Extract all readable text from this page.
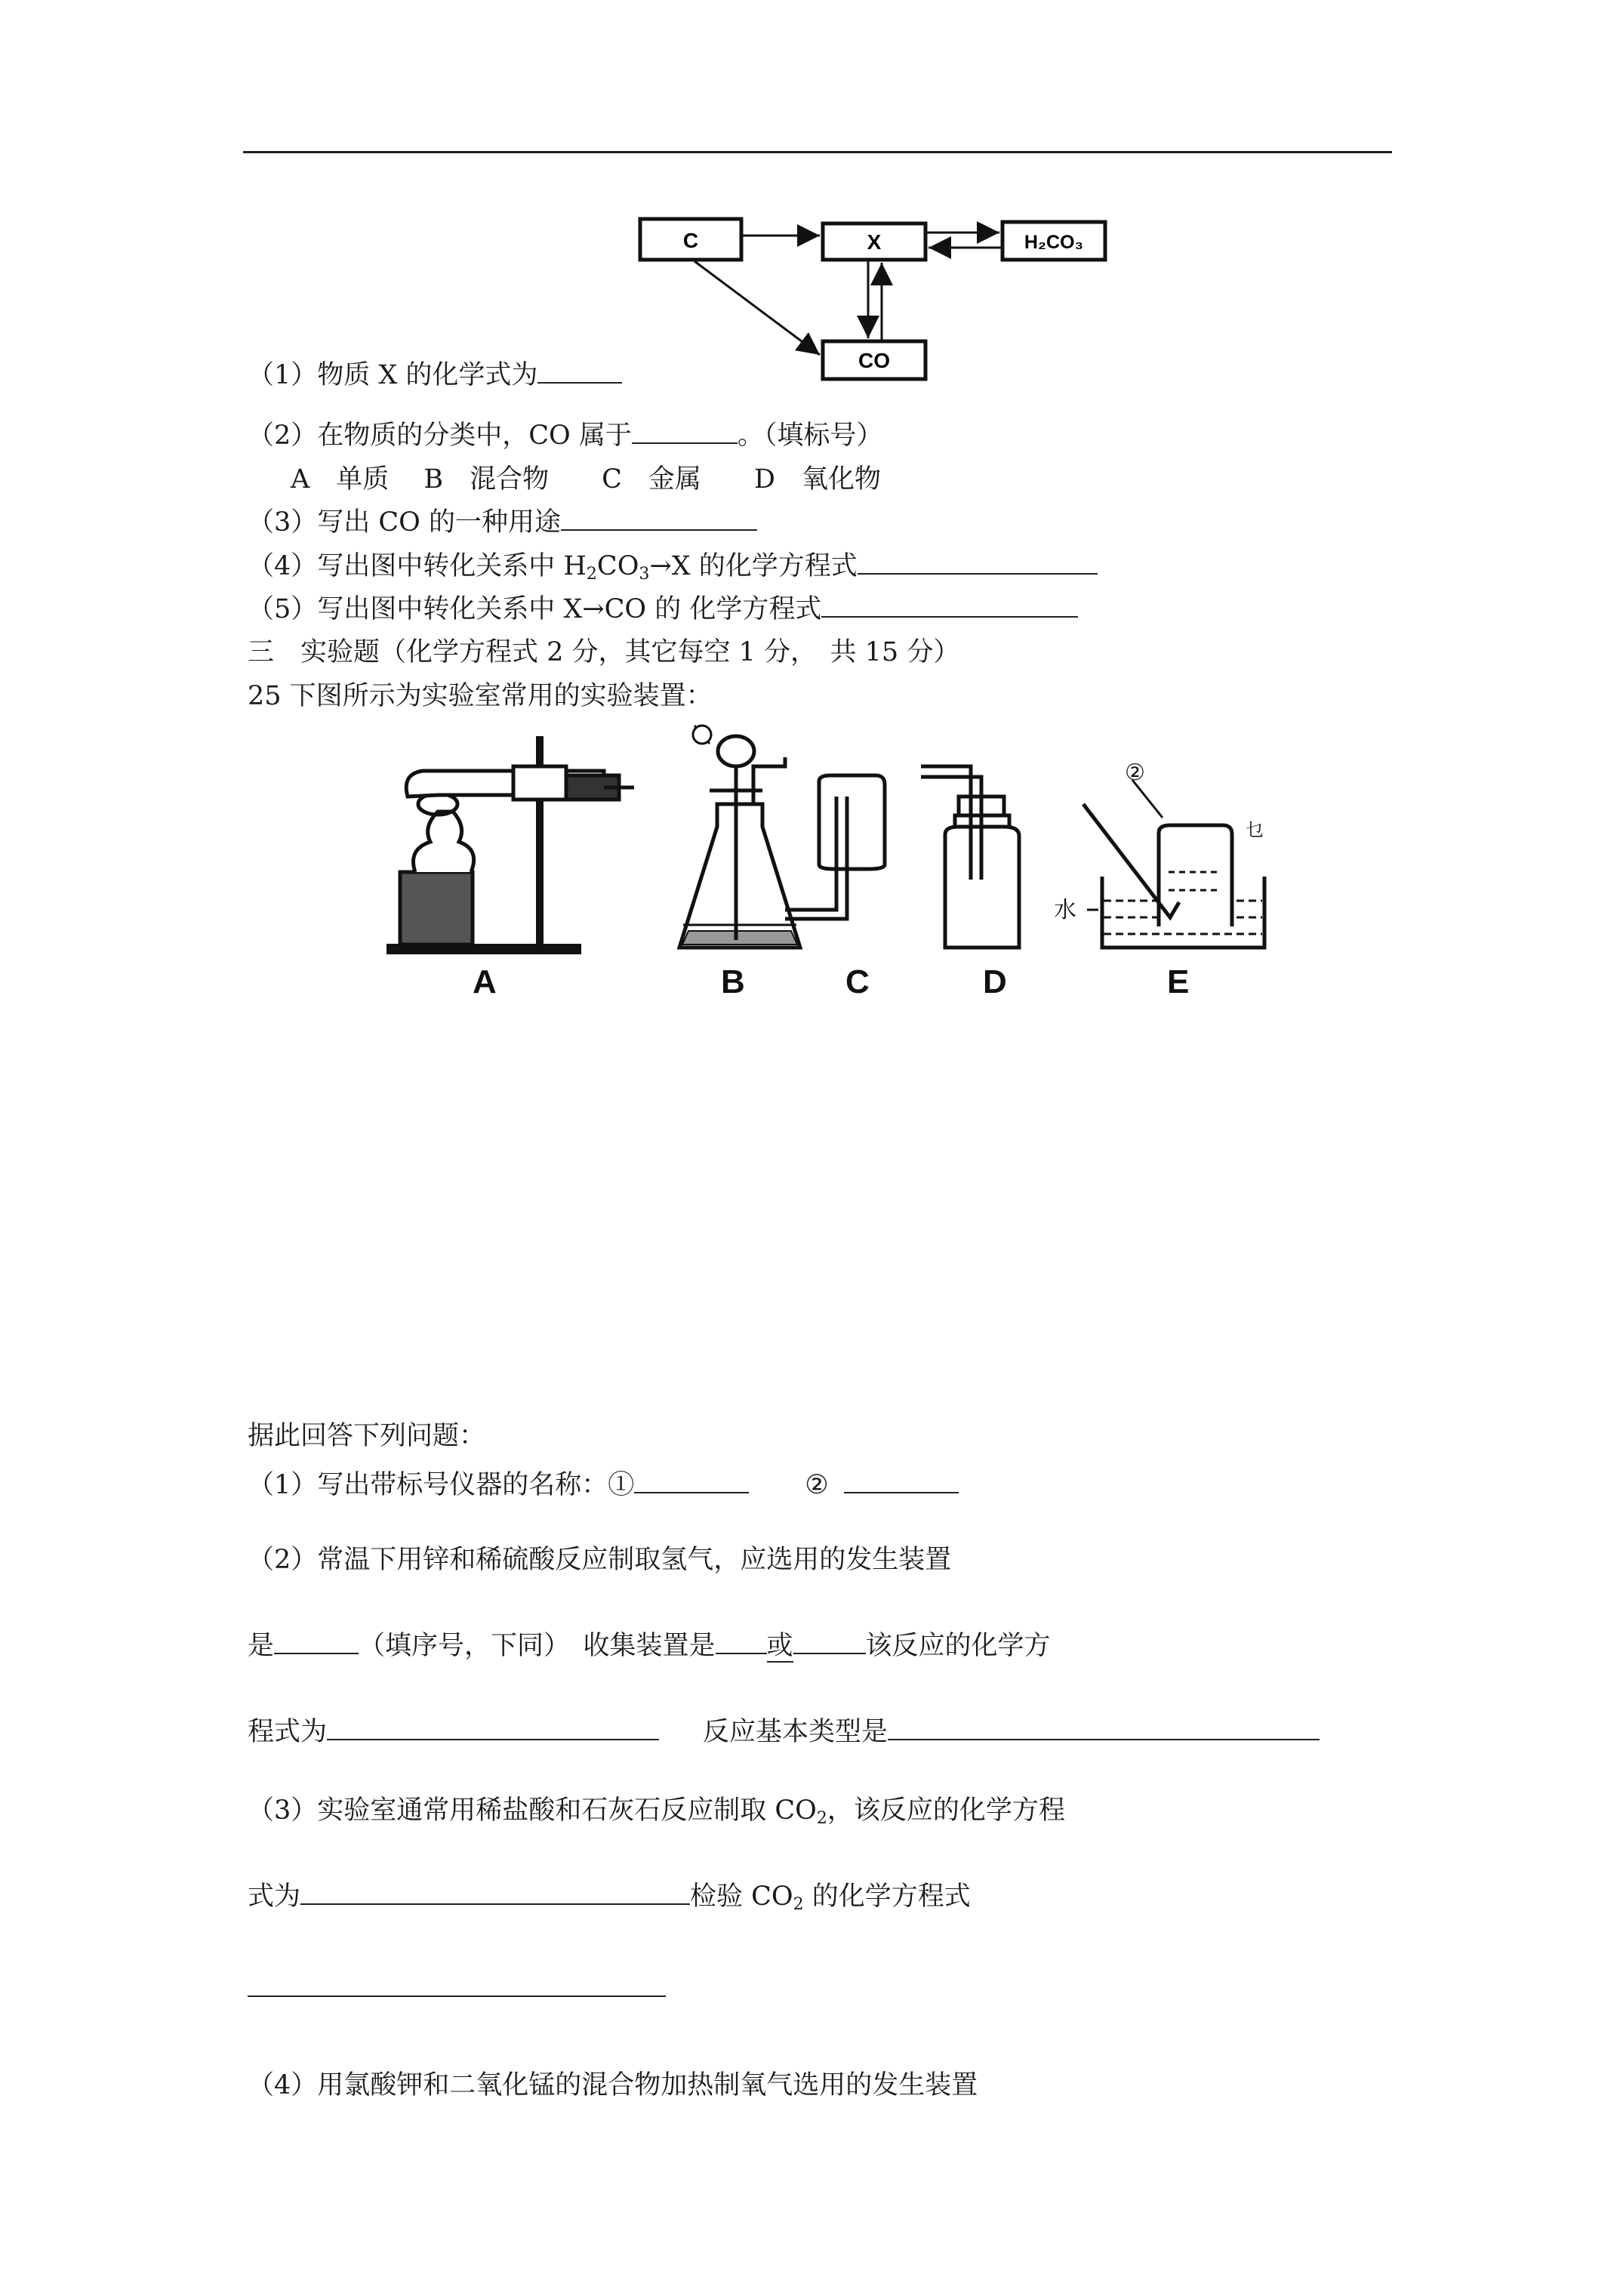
C	X	H₂CO₃
CO
（1）物质 X 的化学式为
（2）在物质的分类中，CO 属于	。（填标号）
A　单质　 B　混合物　　C　金属　　D　氧化物
（3）写出 CO 的一种用途
（4）写出图中转化关系中 $H_2CO_3\to X$ 的化学方程式
（5）写出图中转化关系中 X→CO 的 化学方程式
三　实验题（化学方程式 2 分，其它每空 1 分，　共 15 分）
25 下图所示为实验室常用的实验装置：
A	B	C	D	E
②
水
乜
据此回答下列问题：
（1）写出带标号仪器的名称：①	②
（2）常温下用锌和稀硫酸反应制取氢气，应选用的发生装置
是	（填序号，下同）　收集装置是 或	该反应的化学方
程式为	反应基本类型是
（3）实验室通常用稀盐酸和石灰石反应制取 $CO_2$，该反应的化学方程
式为	检验 $CO_2$ 的化学方程式
（4）用氯酸钾和二氧化锰的混合物加热制氧气选用的发生装置
